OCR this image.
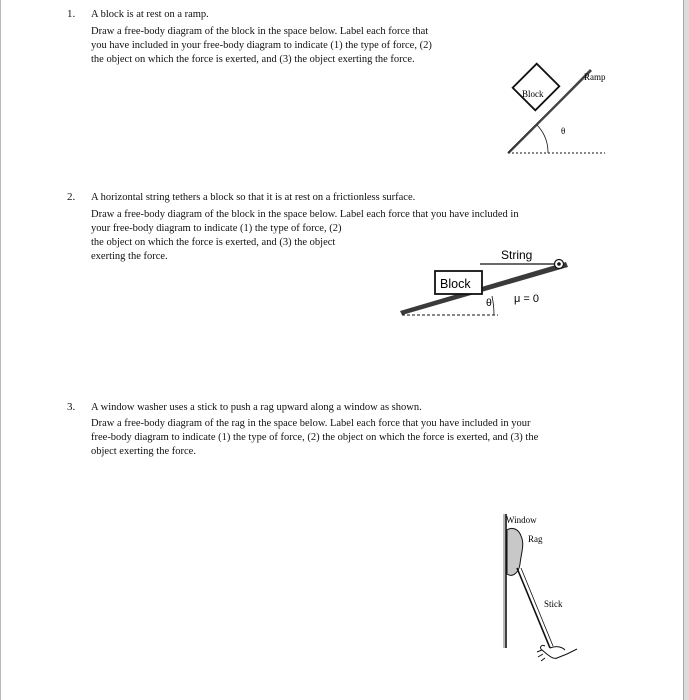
1. A block is at rest on a ramp.
Draw a free-body diagram of the block in the space below. Label each force that
you have included in your free-body diagram to indicate (1) the type of force, (2)
the object on which the force is exerted, and (3) the object exerting the force.
Block
Ramp
θ
2. A horizontal string tethers a block so that it is at rest on a frictionless surface.
Draw a free-body diagram of the block in the space below. Label each force that you have included in
your free-body diagram to indicate (1) the type of force, (2)
the object on which the force is exerted, and (3) the object
exerting the force.
Block
String
θ μ = 0
3. A window washer uses a stick to push a rag upward along a window as shown.
Draw a free-body diagram of the rag in the space below. Label each force that you have included in your
free-body diagram to indicate (1) the type of force, (2) the object on which the force is exerted, and (3) the
object exerting the force.
Window
Rag
Stick
